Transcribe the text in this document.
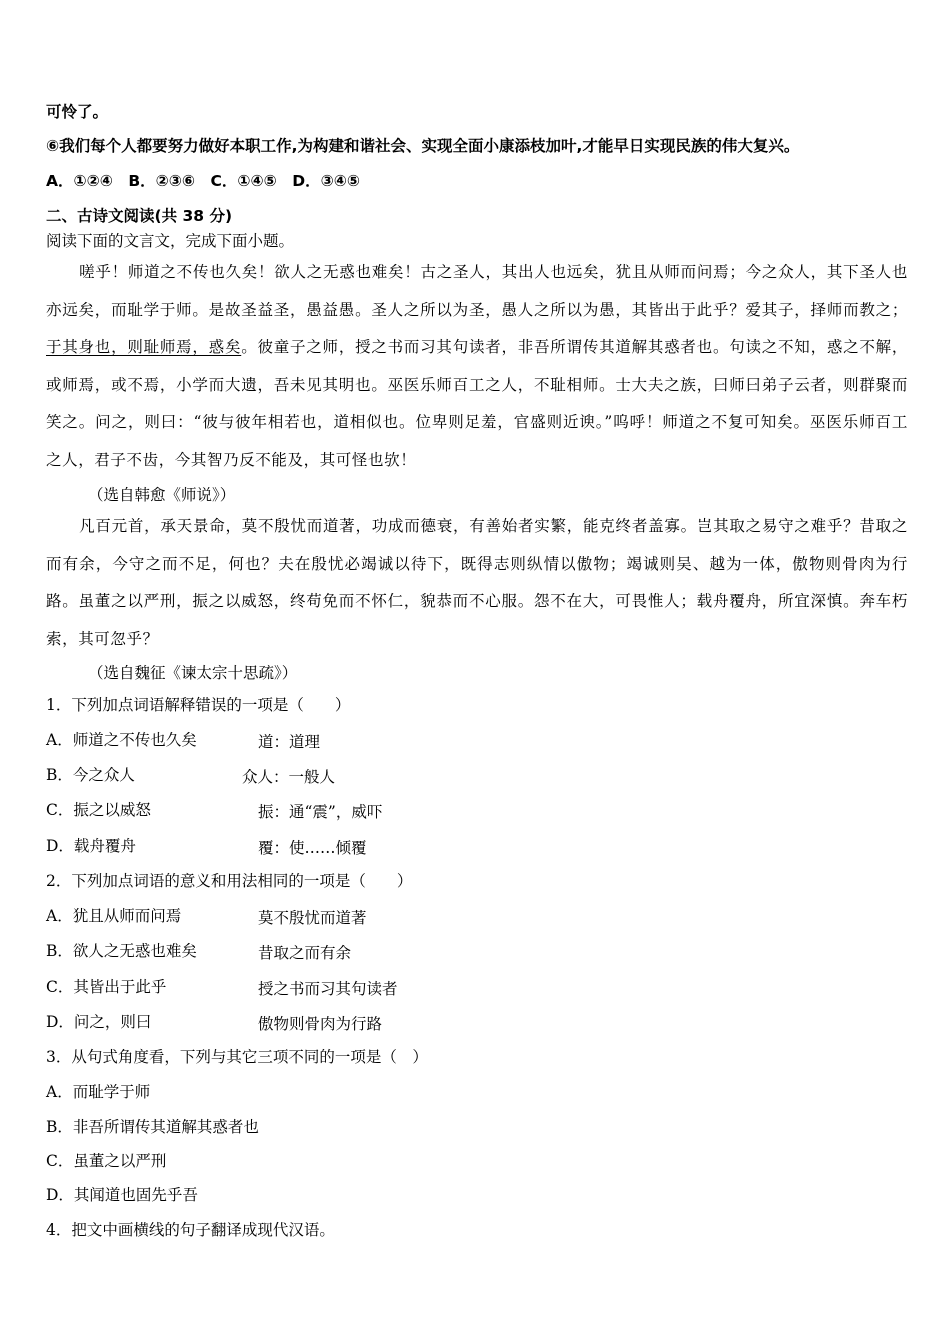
可怜了。
⑥我们每个人都要努力做好本职工作,为构建和谐社会、实现全面小康添枝加叶,才能早日实现民族的伟大复兴。
A．①②④　B．②③⑥　C．①④⑤　D．③④⑤
二、古诗文阅读(共 38 分)
阅读下面的文言文，完成下面小题。
嗟乎！师道之不传也久矣！欲人之无惑也难矣！古之圣人，其出人也远矣，犹且从师而问焉；今之众人，其下圣人也亦远矣，而耻学于师。是故圣益圣，愚益愚。圣人之所以为圣，愚人之所以为愚，其皆出于此乎？爱其子，择师而教之；于其身也，则耻师焉，惑矣。彼童子之师，授之书而习其句读者，非吾所谓传其道解其惑者也。句读之不知，惑之不解，或师焉，或不焉，小学而大遗，吾未见其明也。巫医乐师百工之人，不耻相师。士大夫之族，曰师曰弟子云者，则群聚而笑之。问之，则曰：“彼与彼年相若也，道相似也。位卑则足羞，官盛则近谀。”呜呼！师道之不复可知矣。巫医乐师百工之人，君子不齿，今其智乃反不能及，其可怪也欤！
（选自韩愈《师说》）
凡百元首，承天景命，莫不殷忧而道著，功成而德衰，有善始者实繁，能克终者盖寡。岂其取之易守之难乎？昔取之而有余，今守之而不足，何也？夫在殷忧必竭诚以待下，既得志则纵情以傲物；竭诚则吴、越为一体，傲物则骨肉为行路。虽董之以严刑，振之以威怒，终苟免而不怀仁，貌恭而不心服。怨不在大，可畏惟人；载舟覆舟，所宜深慎。奔车朽索，其可忽乎？
（选自魏征《谏太宗十思疏》）
1．下列加点词语解释错误的一项是（　　）
A．师道之不传也久矣	道：道理
B．今之众人	众人：一般人
C．振之以威怒	振：通“震”，威吓
D．载舟覆舟	覆：使……倾覆
2．下列加点词语的意义和用法相同的一项是（　　）
A．犹且从师而问焉	莫不殷忧而道著
B．欲人之无惑也难矣	昔取之而有余
C．其皆出于此乎	授之书而习其句读者
D．问之，则曰	傲物则骨肉为行路
3．从句式角度看，下列与其它三项不同的一项是（　）
A．而耻学于师
B．非吾所谓传其道解其惑者也
C．虽董之以严刑
D．其闻道也固先乎吾
4．把文中画横线的句子翻译成现代汉语。
